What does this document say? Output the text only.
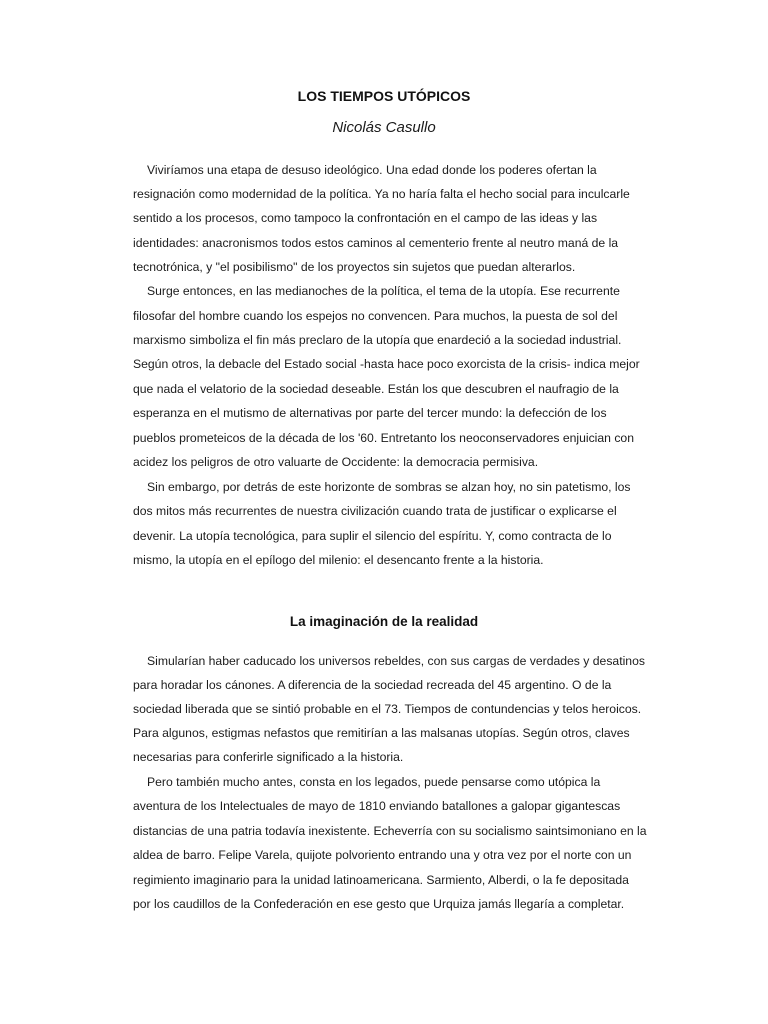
LOS TIEMPOS UTÓPICOS

Nicolás Casullo

Viviríamos una etapa de desuso ideológico. Una edad donde los poderes ofertan la
resignación como modernidad de la política. Ya no haría falta el hecho social para inculcarle
sentido a los procesos, como tampoco la confrontación en el campo de las ideas y las
identidades: anacronismos todos estos caminos al cementerio frente al neutro maná de la
tecnotrónica, y "el posibilismo" de los proyectos sin sujetos que puedan alterarlos.
Surge entonces, en las medianoches de la política, el tema de la utopía. Ese recurrente
filosofar del hombre cuando los espejos no convencen. Para muchos, la puesta de sol del
marxismo simboliza el fin más preclaro de la utopía que enardeció a la sociedad industrial.
Según otros, la debacle del Estado social -hasta hace poco exorcista de la crisis- indica mejor
que nada el velatorio de la sociedad deseable. Están los que descubren el naufragio de la
esperanza en el mutismo de alternativas por parte del tercer mundo: la defección de los
pueblos prometeicos de la década de los '60. Entretanto los neoconservadores enjuician con
acidez los peligros de otro valuarte de Occidente: la democracia permisiva.
Sin embargo, por detrás de este horizonte de sombras se alzan hoy, no sin patetismo, los
dos mitos más recurrentes de nuestra civilización cuando trata de justificar o explicarse el
devenir. La utopía tecnológica, para suplir el silencio del espíritu. Y, como contracta de lo
mismo, la utopía en el epílogo del milenio: el desencanto frente a la historia.
La imaginación de la realidad
Simularían haber caducado los universos rebeldes, con sus cargas de verdades y desatinos
para horadar los cánones. A diferencia de la sociedad recreada del 45 argentino. O de la
sociedad liberada que se sintió probable en el 73. Tiempos de contundencias y telos heroicos.
Para algunos, estigmas nefastos que remitirían a las malsanas utopías. Según otros, claves
necesarias para conferirle significado a la historia.
Pero también mucho antes, consta en los legados, puede pensarse como utópica la
aventura de los Intelectuales de mayo de 1810 enviando batallones a galopar gigantescas
distancias de una patria todavía inexistente. Echeverría con su socialismo saintsimoniano en la
aldea de barro. Felipe Varela, quijote polvoriento entrando una y otra vez por el norte con un
regimiento imaginario para la unidad latinoamericana. Sarmiento, Alberdi, o la fe depositada
por los caudillos de la Confederación en ese gesto que Urquiza jamás llegaría a completar.
